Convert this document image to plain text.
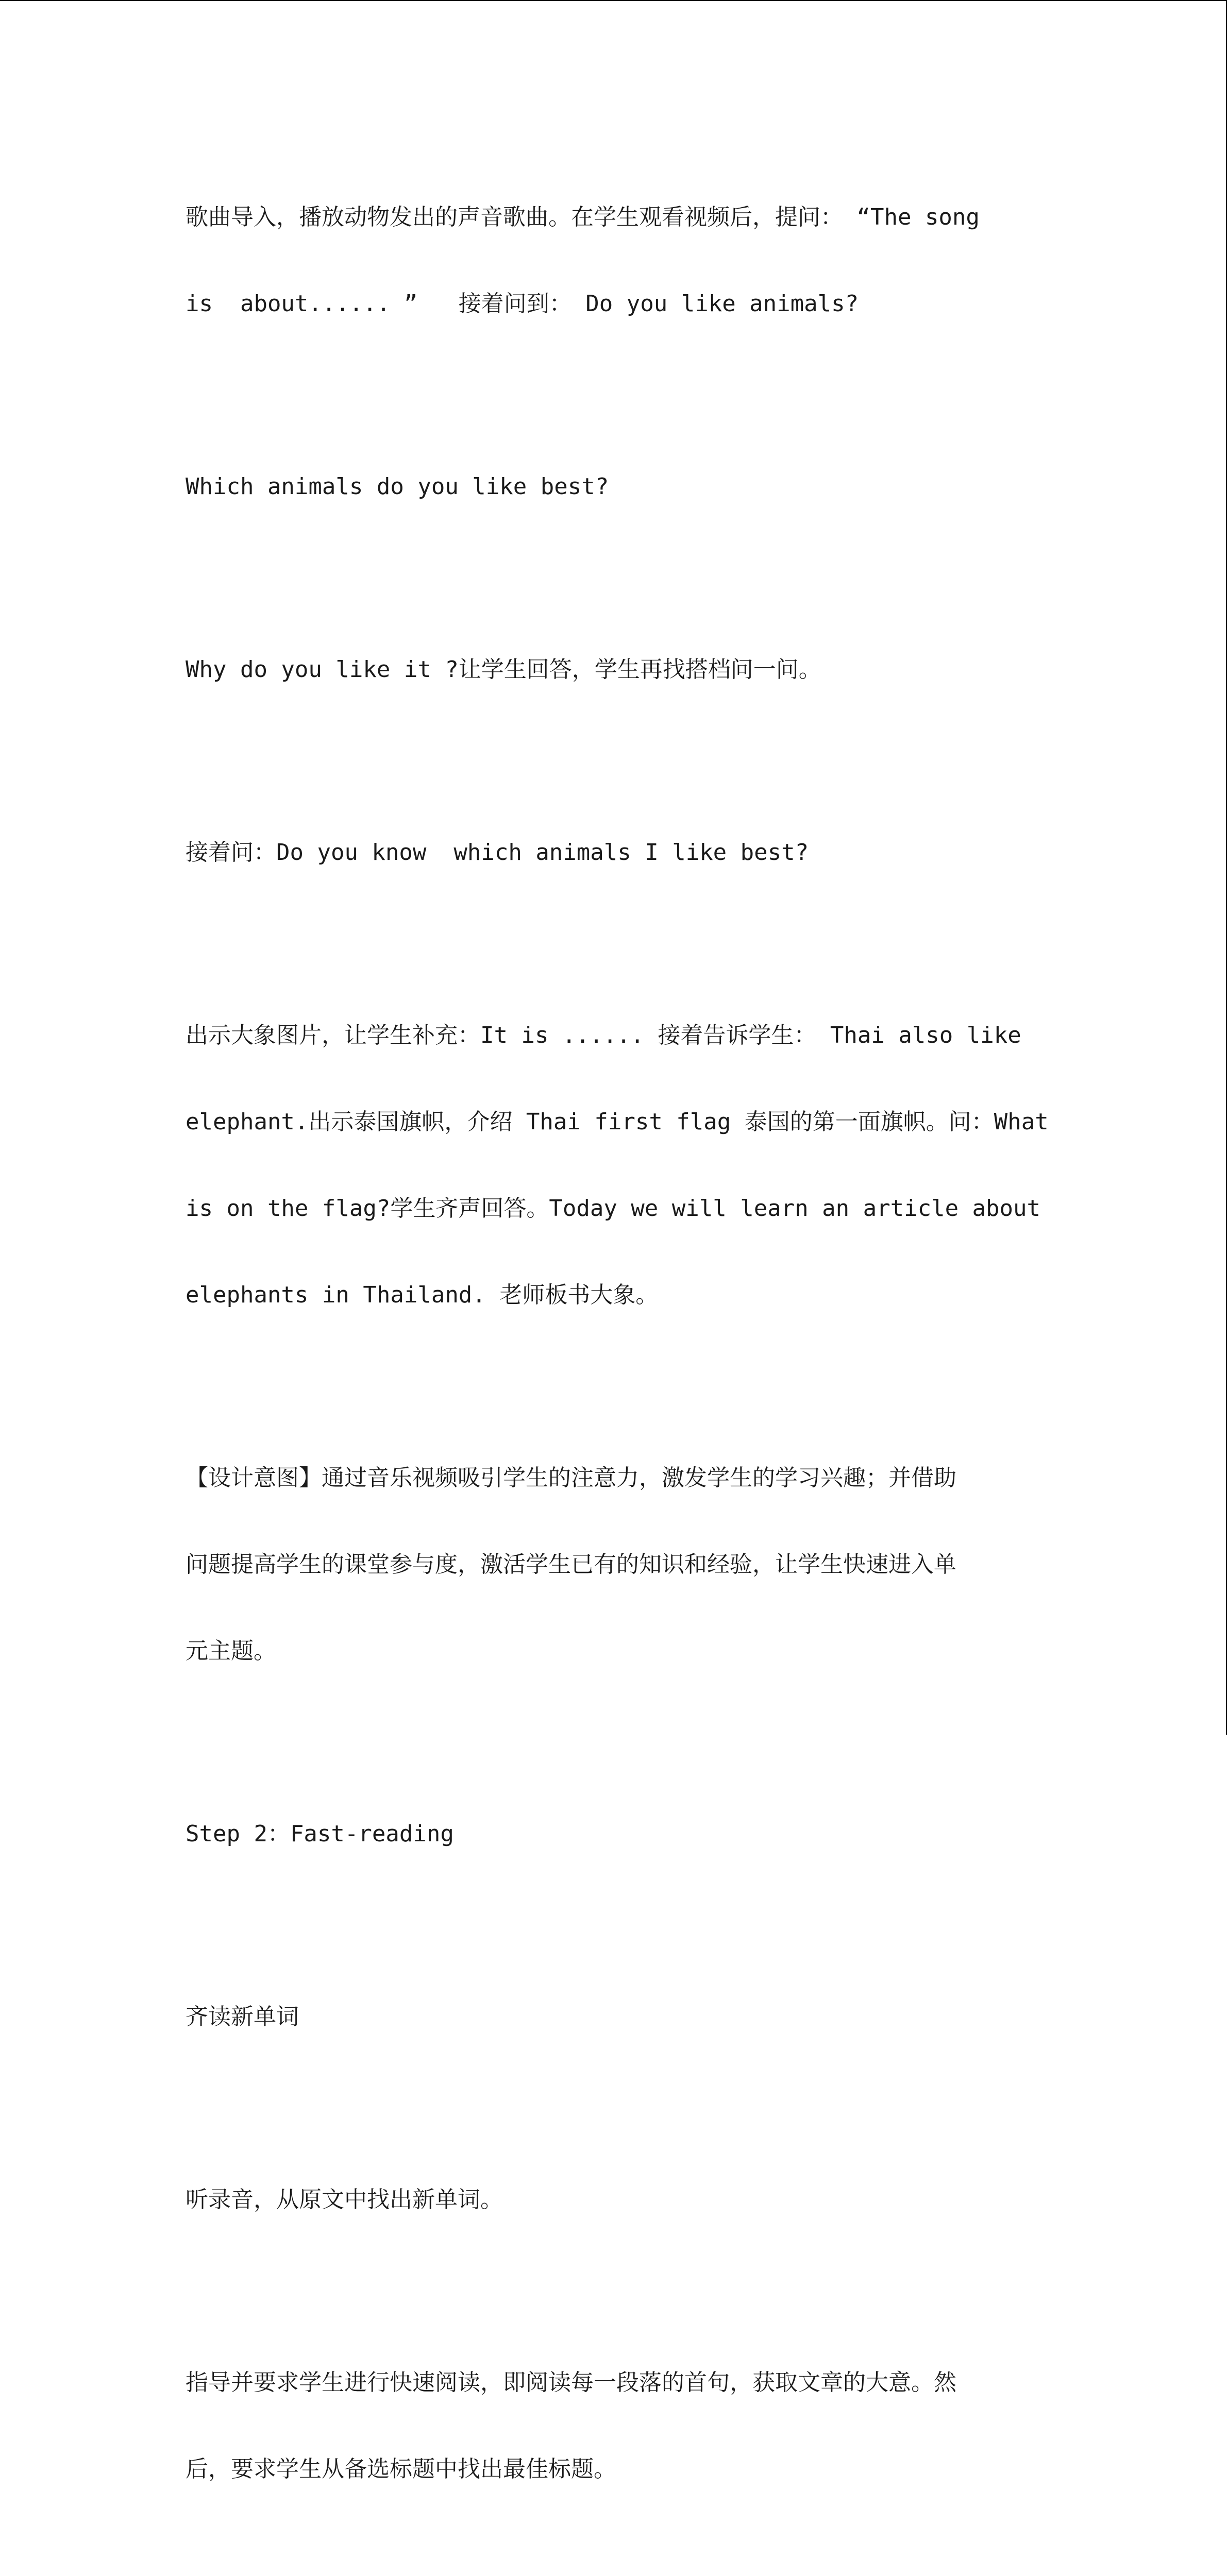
歌曲导入，播放动物发出的声音歌曲。在学生观看视频后，提问： “The song

is  about...... ”   接着问到： Do you like animals?

Which animals do you like best?

Why do you like it ?让学生回答，学生再找搭档问一问。

接着问：Do you know  which animals I like best?

出示大象图片，让学生补充：It is ...... 接着告诉学生： Thai also like

elephant.出示泰国旗帜，介绍 Thai first flag 泰国的第一面旗帜。问：What

is on the flag?学生齐声回答。Today we will learn an article about

elephants in Thailand. 老师板书大象。

【设计意图】通过音乐视频吸引学生的注意力，激发学生的学习兴趣；并借助

问题提高学生的课堂参与度，激活学生已有的知识和经验，让学生快速进入单

元主题。

Step 2：Fast-reading

齐读新单词

听录音，从原文中找出新单词。

指导并要求学生进行快速阅读，即阅读每一段落的首句，获取文章的大意。然

后，要求学生从备选标题中找出最佳标题。
